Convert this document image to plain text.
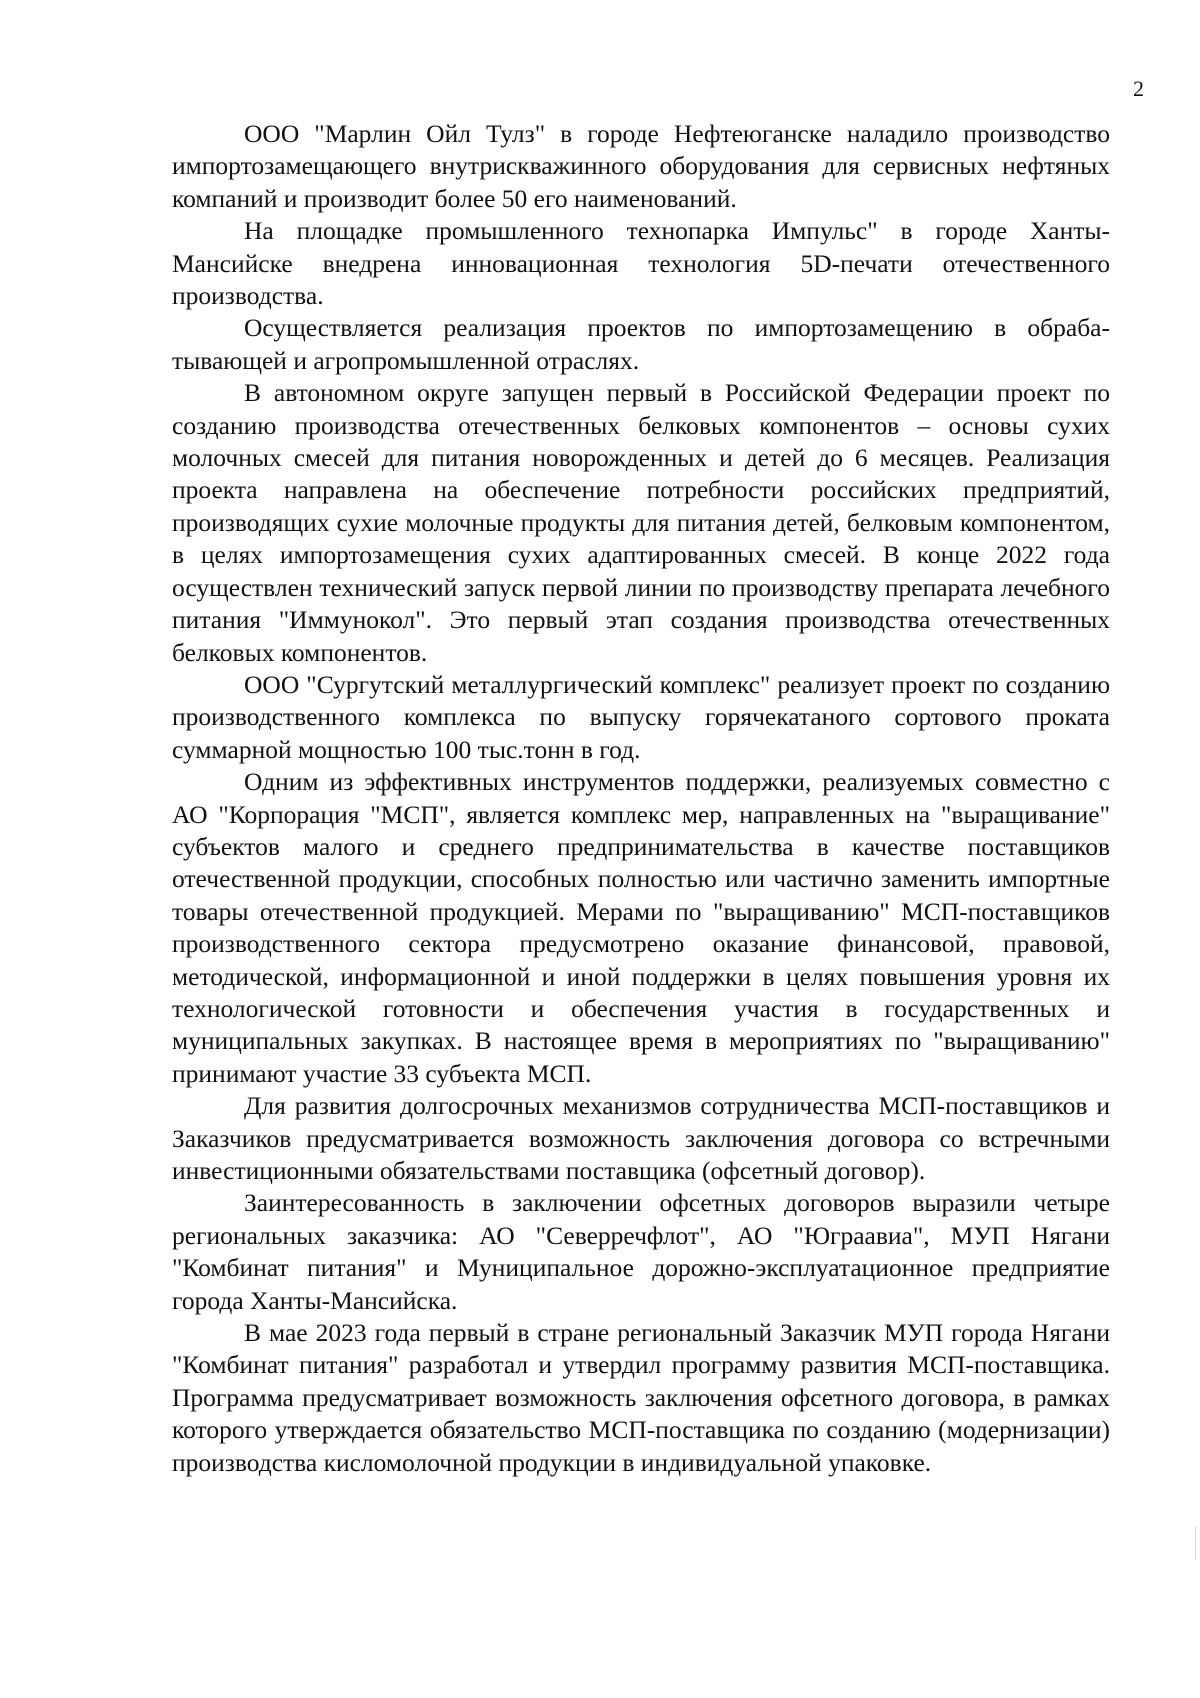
2

ООО "Марлин Ойл Тулз" в городе Нефтеюганске наладило производство импортозамещающего внутрискважинного оборудования для сервисных нефтяных компаний и производит более 50 его наименований.

На площадке промышленного технопарка Импульс" в городе Ханты-Мансийске внедрена инновационная технология 5D-печати отечественного производства.

Осуществляется реализация проектов по импортозамещению в обрабатывающей и агропромышленной отраслях.

В автономном округе запущен первый в Российской Федерации проект по созданию производства отечественных белковых компонентов – основы сухих молочных смесей для питания новорожденных и детей до 6 месяцев. Реализация проекта направлена на обеспечение потребности российских предприятий, производящих сухие молочные продукты для питания детей, белковым компонентом, в целях импортозамещения сухих адаптированных смесей. В конце 2022 года осуществлен технический запуск первой линии по производству препарата лечебного питания "Иммунокол". Это первый этап создания производства отечественных белковых компонентов.

ООО "Сургутский металлургический комплекс" реализует проект по созданию производственного комплекса по выпуску горячекатаного сортового проката суммарной мощностью 100 тыс.тонн в год.

Одним из эффективных инструментов поддержки, реализуемых совместно с АО "Корпорация "МСП", является комплекс мер, направленных на "выращивание" субъектов малого и среднего предпринимательства в качестве поставщиков отечественной продукции, способных полностью или частично заменить импортные товары отечественной продукцией. Мерами по "выращиванию" МСП-поставщиков производственного сектора предусмотрено оказание финансовой, правовой, методической, информационной и иной поддержки в целях повышения уровня их технологической готовности и обеспечения участия в государственных и муниципальных закупках. В настоящее время в мероприятиях по "выращиванию" принимают участие 33 субъекта МСП.

Для развития долгосрочных механизмов сотрудничества МСП-поставщиков и Заказчиков предусматривается возможность заключения договора со встречными инвестиционными обязательствами поставщика (офсетный договор).

Заинтересованность в заключении офсетных договоров выразили четыре региональных заказчика: АО "Северречфлот", АО "Юграавиа", МУП Нягани "Комбинат питания" и Муниципальное дорожно-эксплуатационное предприятие города Ханты-Мансийска.

В мае 2023 года первый в стране региональный Заказчик МУП города Нягани "Комбинат питания" разработал и утвердил программу развития МСП-поставщика. Программа предусматривает возможность заключения офсетного договора, в рамках которого утверждается обязательство МСП-поставщика по созданию (модернизации) производства кисломолочной продукции в индивидуальной упаковке.
